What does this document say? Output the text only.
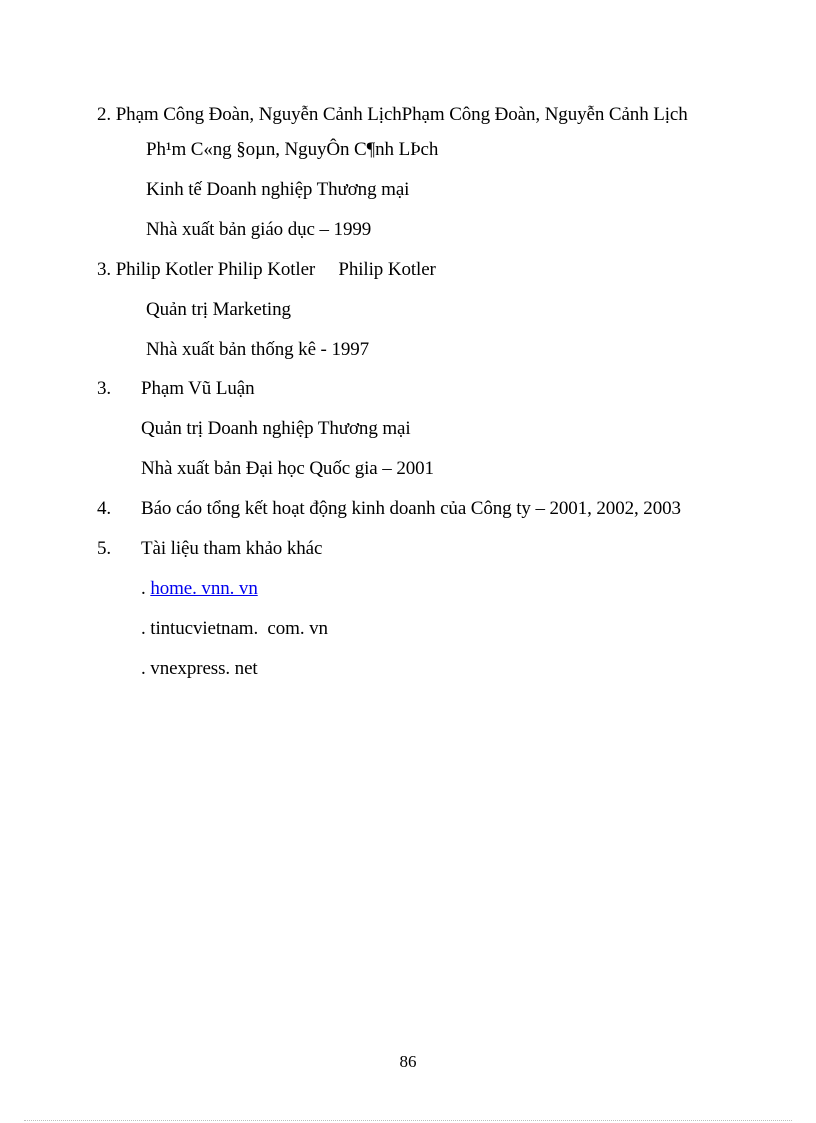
2. Phạm Công Đoàn, Nguyễn Cảnh LịchPhạm Công Đoàn, Nguyễn Cảnh Lịch
Ph¹m C«ng §oµn, NguyÔn C¶nh LÞch
Kinh tế Doanh nghiệp Thương mại
Nhà xuất bản giáo dục – 1999
3. Philip Kotler Philip Kotler     Philip Kotler
Quản trị Marketing
Nhà xuất bản thống kê - 1997
3. Phạm Vũ Luận
Quản trị Doanh nghiệp Thương mại
Nhà xuất bản Đại học Quốc gia – 2001
4. Báo cáo tổng kết hoạt động kinh doanh của Công ty – 2001, 2002, 2003
5. Tài liệu tham khảo khác
. home. vnn. vn
. tintucvietnam.  com. vn
. vnexpress. net
86
